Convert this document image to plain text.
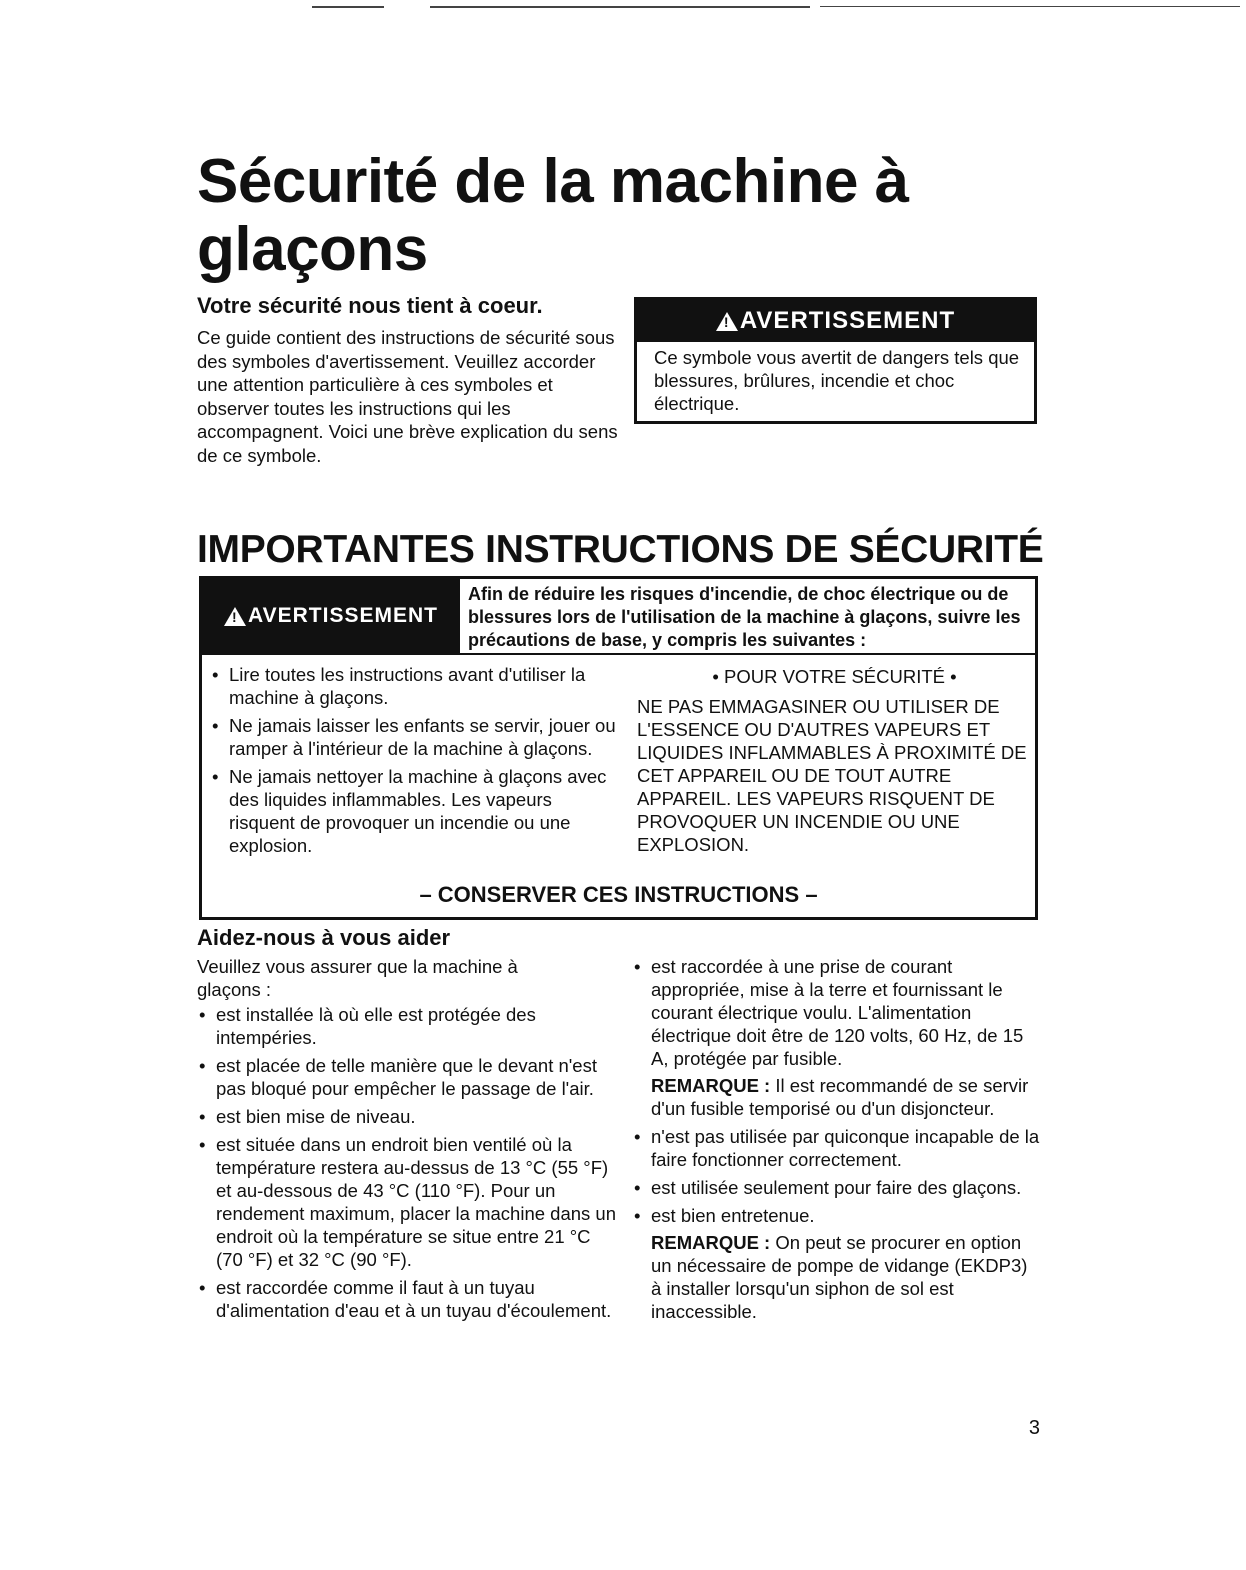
Sécurité de la machine à glaçons
Votre sécurité nous tient à coeur.

Ce guide contient des instructions de sécurité sous des symboles d'avertissement. Veuillez accorder une attention particulière à ces symboles et observer toutes les instructions qui les accompagnent. Voici une brève explication du sens de ce symbole.

!
AVERTISSEMENT

Ce symbole vous avertit de dangers tels que blessures, brûlures, incendie et choc électrique.

IMPORTANTES INSTRUCTIONS DE SÉCURITÉ
!
AVERTISSEMENT

Afin de réduire les risques d'incendie, de choc électrique ou de blessures lors de l'utilisation de la machine à glaçons, suivre les précautions de base, y compris les suivantes :

• Lire toutes les instructions avant d'utiliser la machine à glaçons.
• Ne jamais laisser les enfants se servir, jouer ou ramper à l'intérieur de la machine à glaçons.
• Ne jamais nettoyer la machine à glaçons avec des liquides inflammables. Les vapeurs risquent de provoquer un incendie ou une explosion.

• POUR VOTRE SÉCURITÉ •

NE PAS EMMAGASINER OU UTILISER DE L'ESSENCE OU D'AUTRES VAPEURS ET LIQUIDES INFLAMMABLES À PROXIMITÉ DE CET APPAREIL OU DE TOUT AUTRE APPAREIL. LES VAPEURS RISQUENT DE PROVOQUER UN INCENDIE OU UNE EXPLOSION.

– CONSERVER CES INSTRUCTIONS –

Aidez-nous à vous aider

Veuillez vous assurer que la machine à glaçons :

• est installée là où elle est protégée des intempéries.
• est placée de telle manière que le devant n'est pas bloqué pour empêcher le passage de l'air.
• est bien mise de niveau.
• est située dans un endroit bien ventilé où la température restera au-dessus de 13 °C (55 °F) et au-dessous de 43 °C (110 °F). Pour un rendement maximum, placer la machine dans un endroit où la température se situe entre 21 °C (70 °F) et 32 °C (90 °F).
• est raccordée comme il faut à un tuyau d'alimentation d'eau et à un tuyau d'écoulement.
• est raccordée à une prise de courant appropriée, mise à la terre et fournissant le courant électrique voulu. L'alimentation électrique doit être de 120 volts, 60 Hz, de 15 A, protégée par fusible.
REMARQUE : Il est recommandé de se servir d'un fusible temporisé ou d'un disjoncteur.
• n'est pas utilisée par quiconque incapable de la faire fonctionner correctement.
• est utilisée seulement pour faire des glaçons.
• est bien entretenue.
REMARQUE : On peut se procurer en option un nécessaire de pompe de vidange (EKDP3) à installer lorsqu'un siphon de sol est inaccessible.
3
